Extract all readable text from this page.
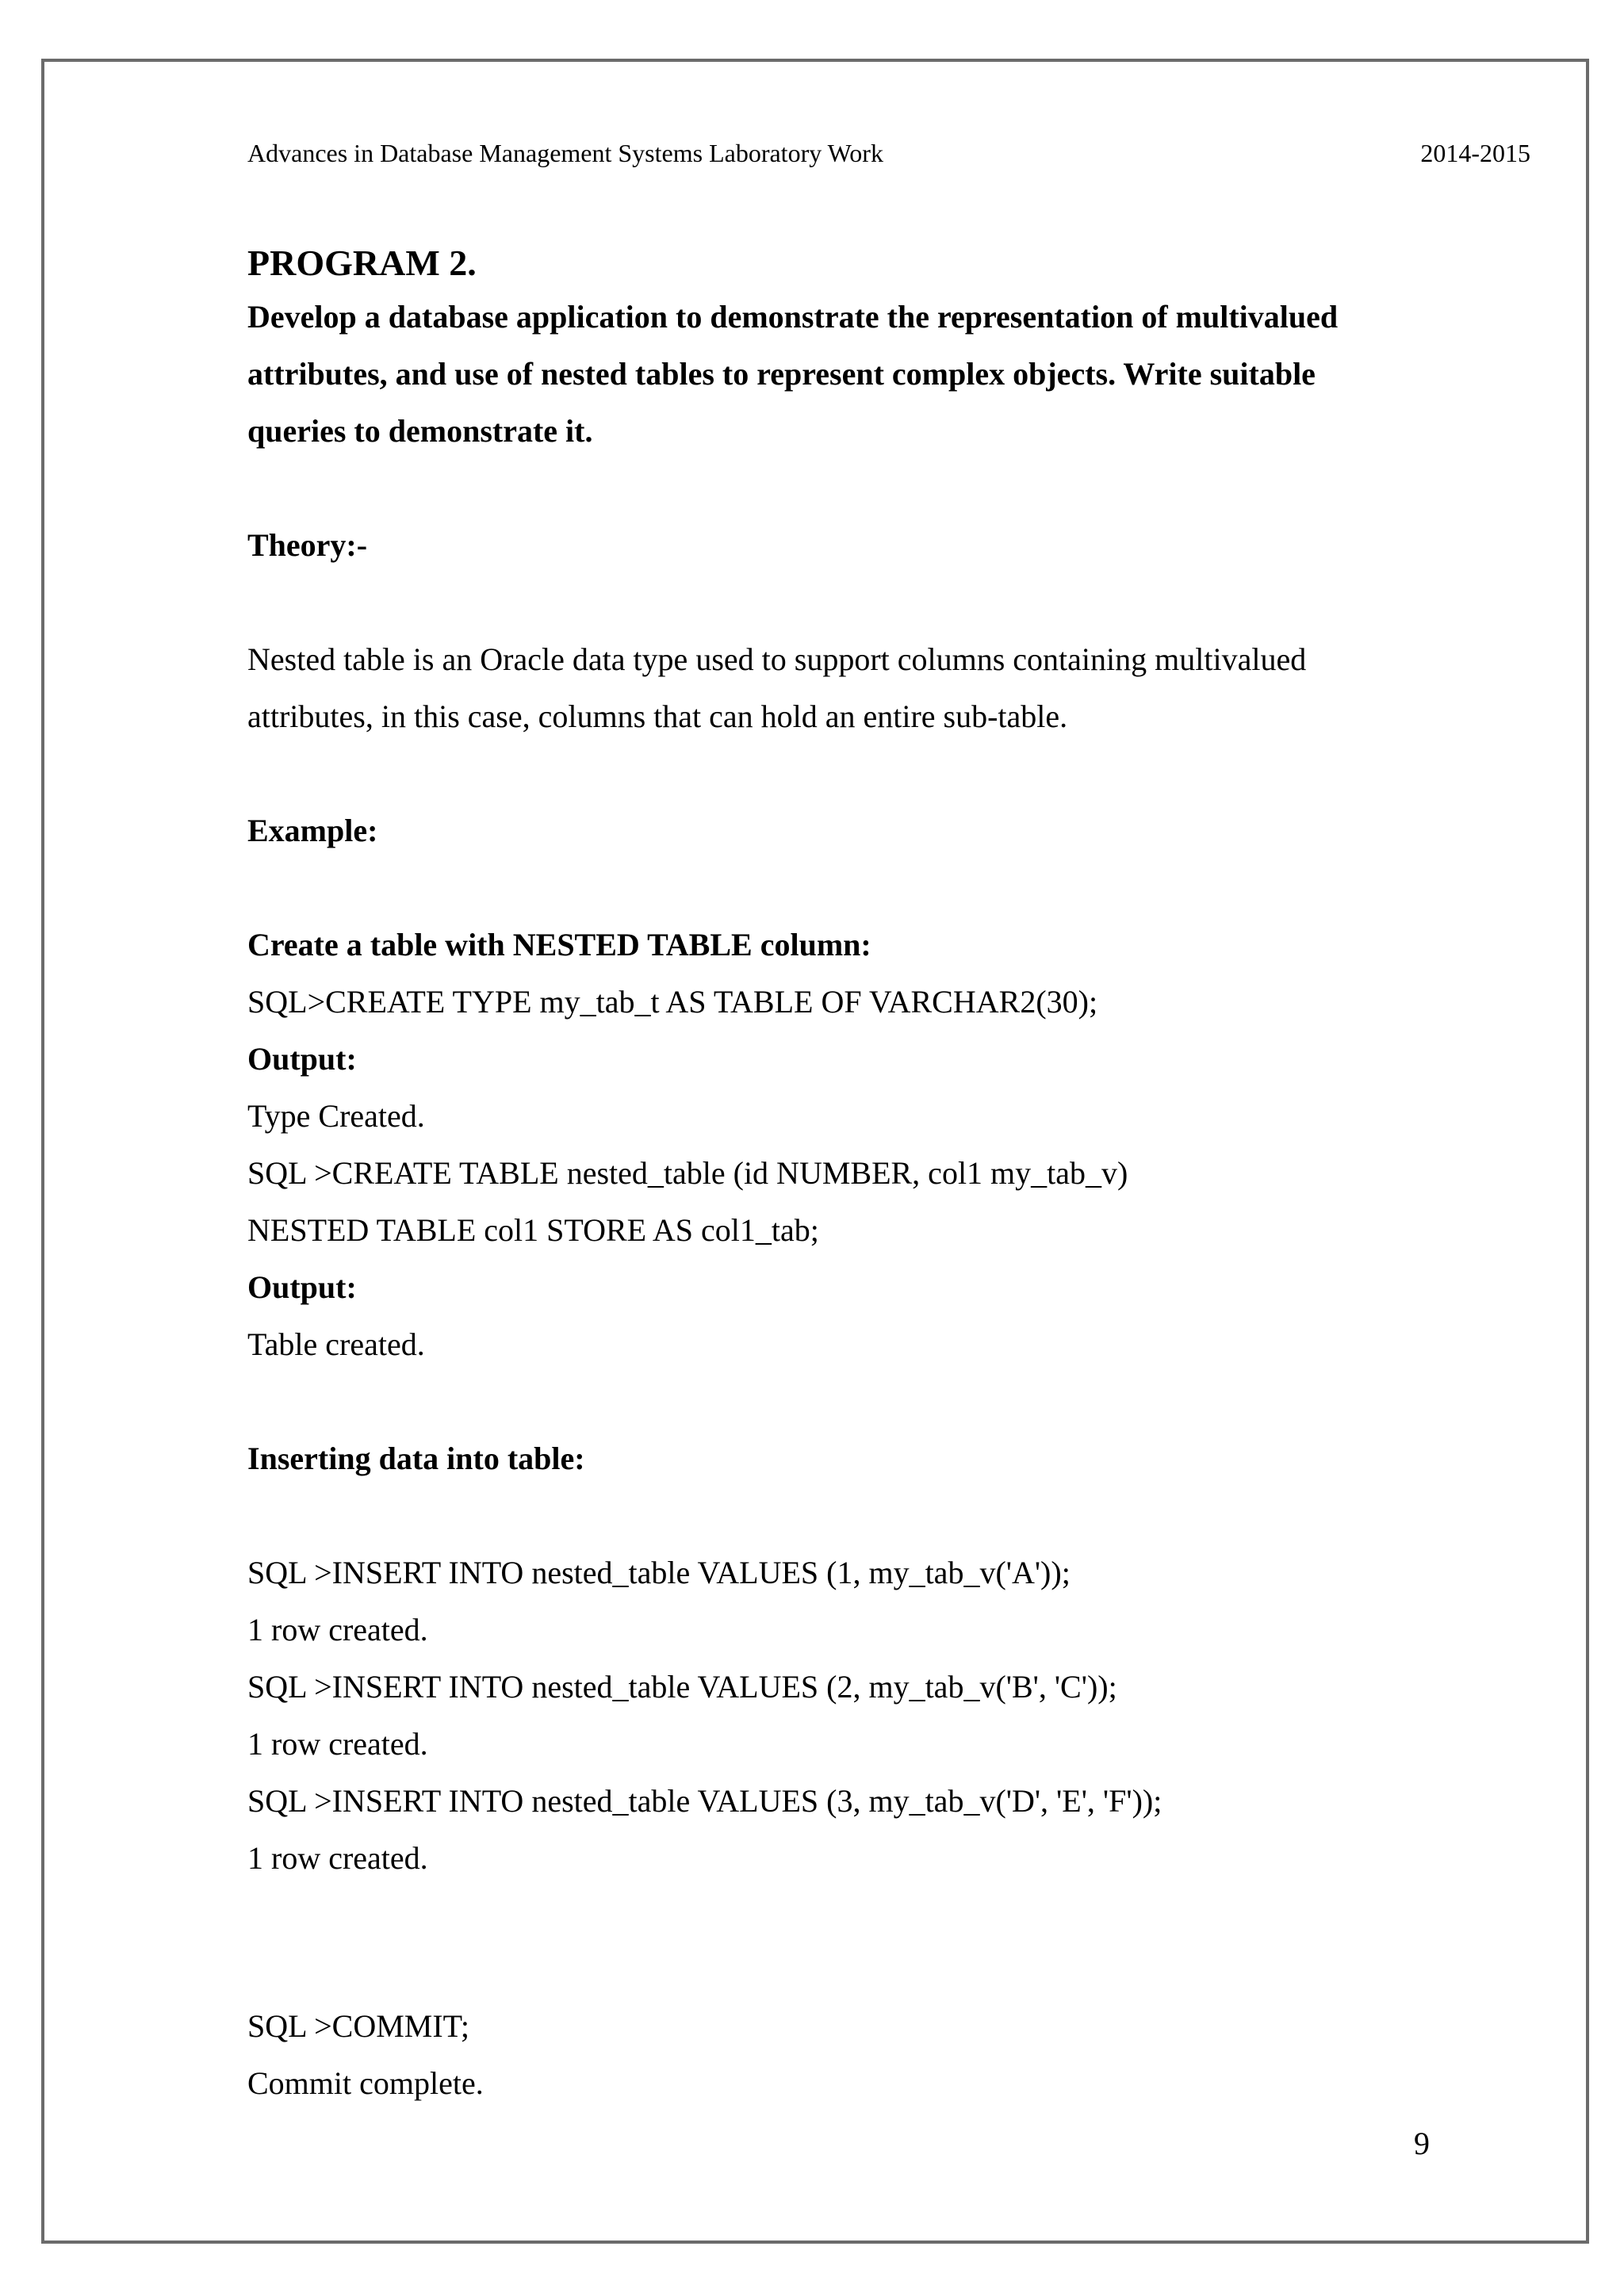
Advances in Database Management Systems Laboratory Work	2014-2015

PROGRAM 2.

Develop a database application to demonstrate the representation of multivalued

attributes, and use of nested tables to represent complex objects. Write suitable

queries to demonstrate it.

Theory:-

Nested table is an Oracle data type used to support columns containing multivalued

attributes, in this case, columns that can hold an entire sub-table.

Example:

Create a table with NESTED TABLE column:

SQL>CREATE TYPE my_tab_t AS TABLE OF VARCHAR2(30);

Output:

Type Created.

SQL >CREATE TABLE nested_table (id NUMBER, col1 my_tab_v)

NESTED TABLE col1 STORE AS col1_tab;

Output:

Table created.

Inserting data into table:

SQL >INSERT INTO nested_table VALUES (1, my_tab_v('A'));

1 row created.

SQL >INSERT INTO nested_table VALUES (2, my_tab_v('B', 'C'));

1 row created.

SQL >INSERT INTO nested_table VALUES (3, my_tab_v('D', 'E', 'F'));

1 row created.

SQL >COMMIT;

Commit complete.

9
